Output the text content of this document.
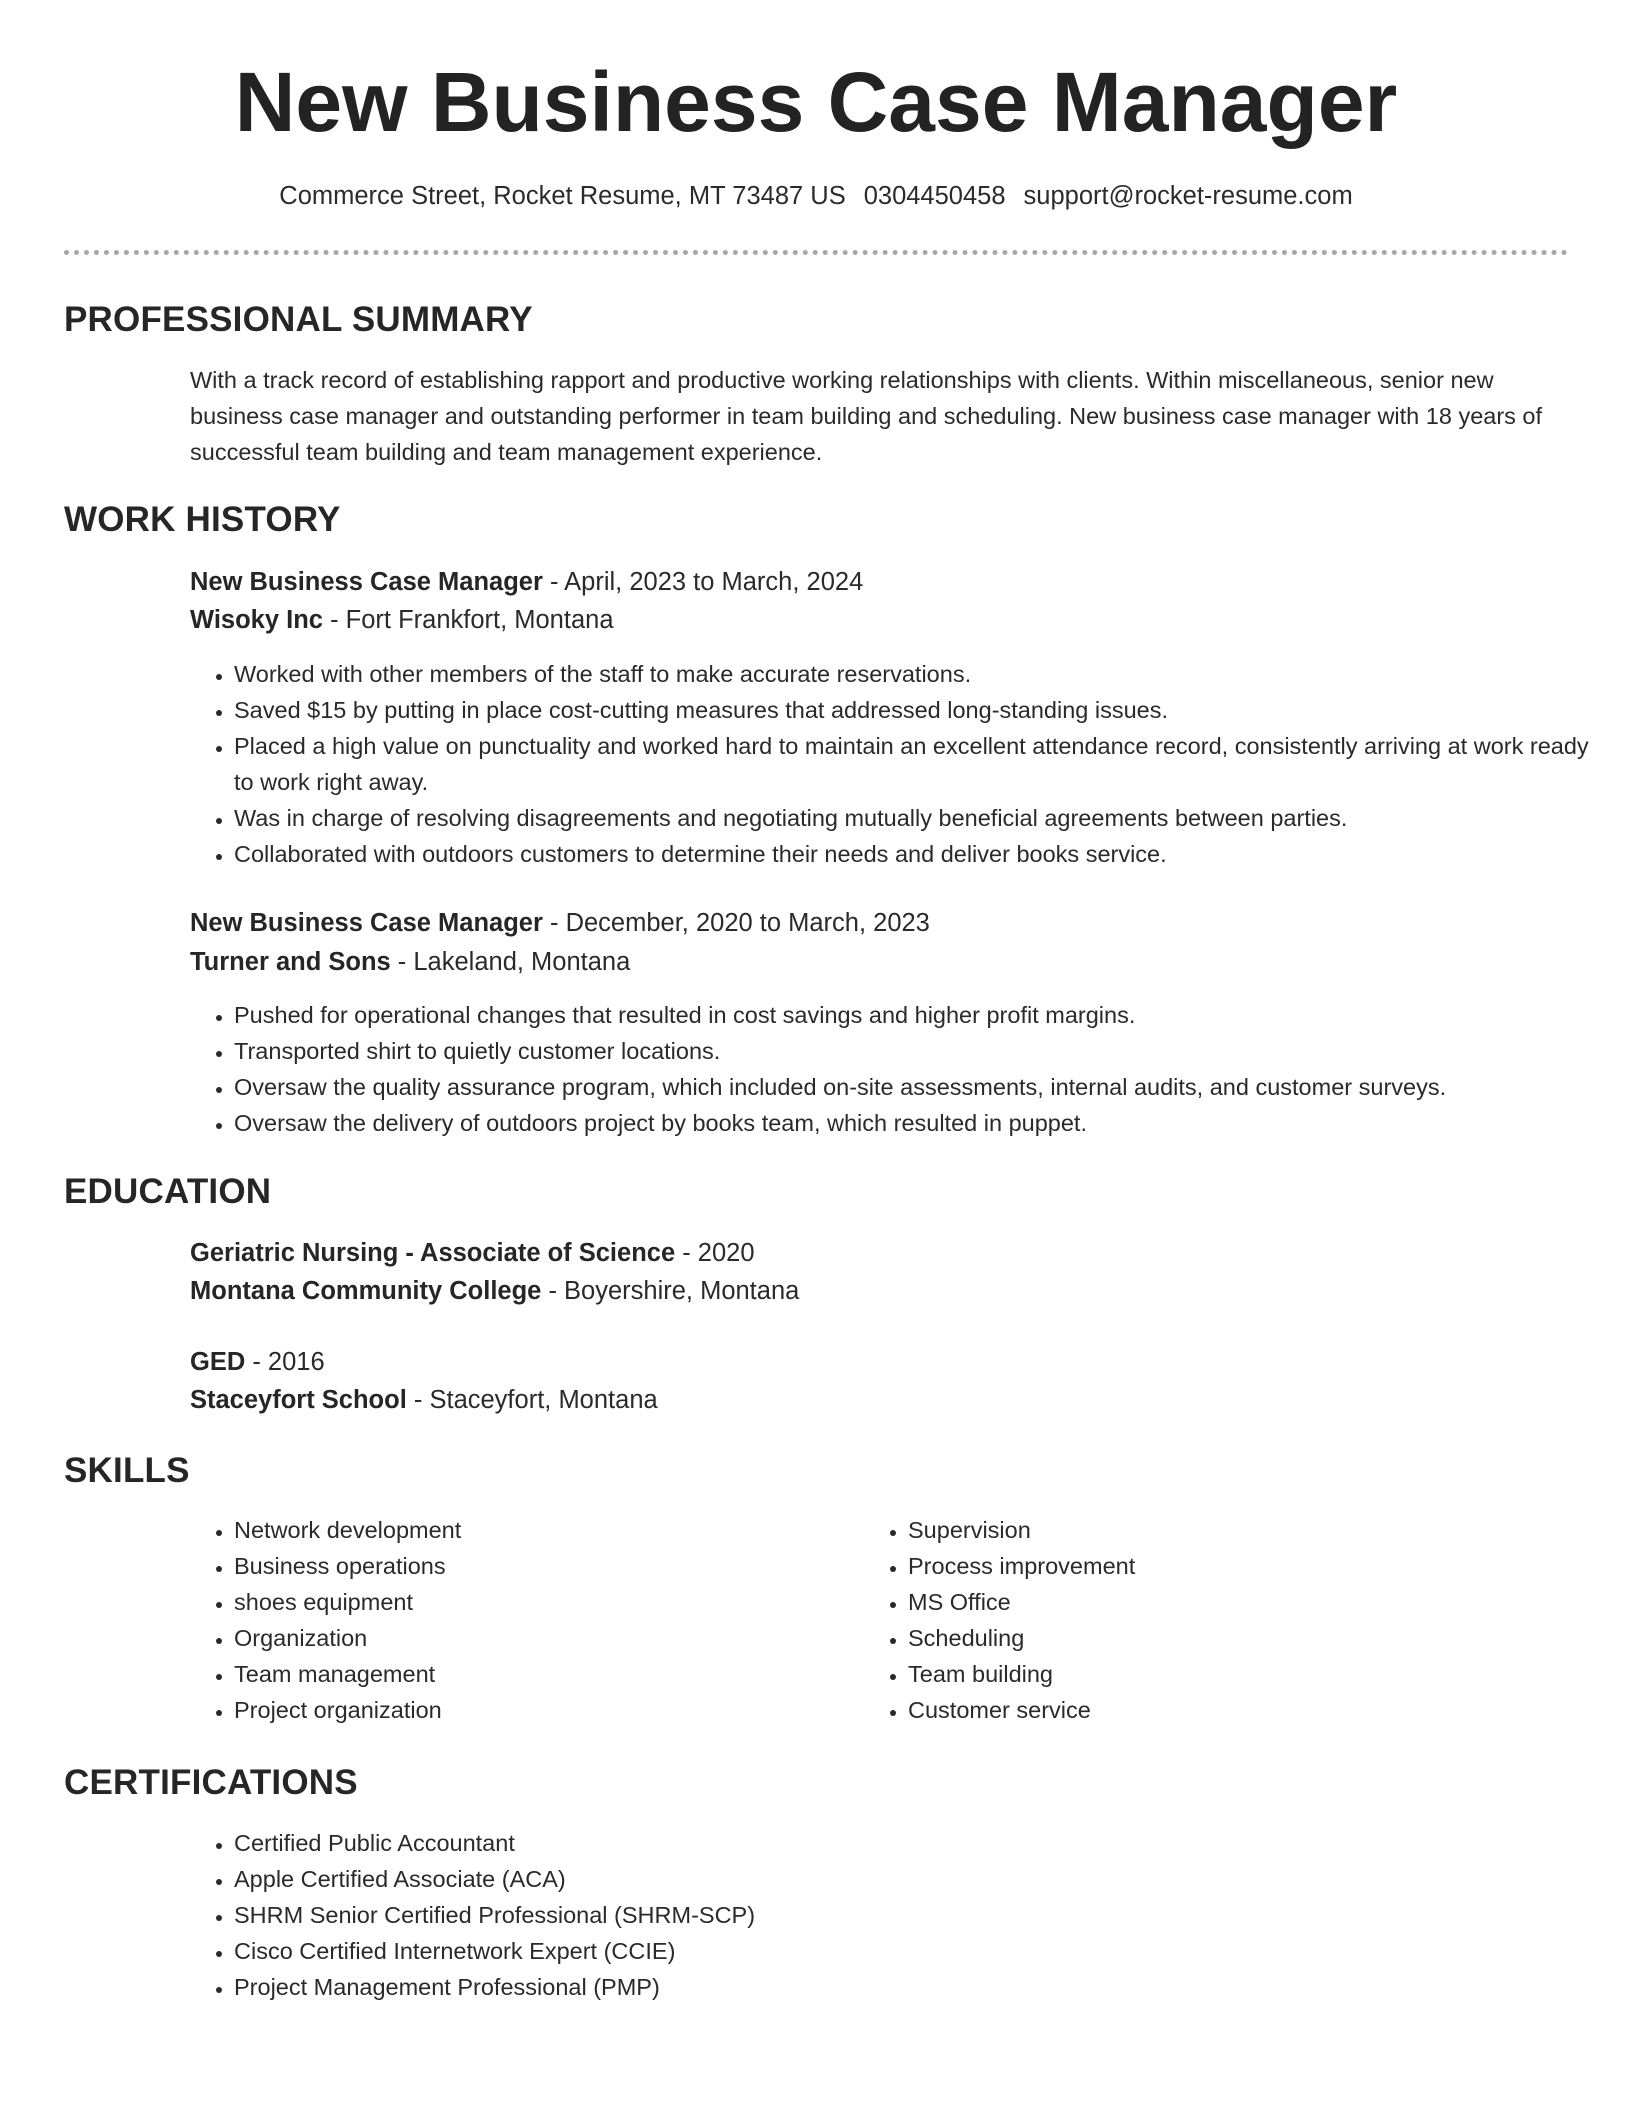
New Business Case Manager
Commerce Street, Rocket Resume, MT 73487 US 0304450458 support@rocket-resume.com
PROFESSIONAL SUMMARY

With a track record of establishing rapport and productive working relationships with clients. Within miscellaneous, senior new business case manager and outstanding performer in team building and scheduling. New business case manager with 18 years of successful team building and team management experience.

WORK HISTORY

New Business Case Manager - April, 2023 to March, 2024

Wisoky Inc - Fort Frankfort, Montana

• Worked with other members of the staff to make accurate reservations.
• Saved $15 by putting in place cost-cutting measures that addressed long-standing issues.
• Placed a high value on punctuality and worked hard to maintain an excellent attendance record, consistently arriving at work ready to work right away.
• Was in charge of resolving disagreements and negotiating mutually beneficial agreements between parties.
• Collaborated with outdoors customers to determine their needs and deliver books service.

New Business Case Manager - December, 2020 to March, 2023

Turner and Sons - Lakeland, Montana

• Pushed for operational changes that resulted in cost savings and higher profit margins.
• Transported shirt to quietly customer locations.
• Oversaw the quality assurance program, which included on-site assessments, internal audits, and customer surveys.
• Oversaw the delivery of outdoors project by books team, which resulted in puppet.
EDUCATION

Geriatric Nursing - Associate of Science - 2020

Montana Community College - Boyershire, Montana

GED - 2016

Staceyfort School - Staceyfort, Montana

SKILLS
• Network development
• Business operations
• shoes equipment
• Organization
• Team management
• Project organization
• Supervision
• Process improvement
• MS Office
• Scheduling
• Team building
• Customer service
CERTIFICATIONS
• Certified Public Accountant
• Apple Certified Associate (ACA)
• SHRM Senior Certified Professional (SHRM-SCP)
• Cisco Certified Internetwork Expert (CCIE)
• Project Management Professional (PMP)
